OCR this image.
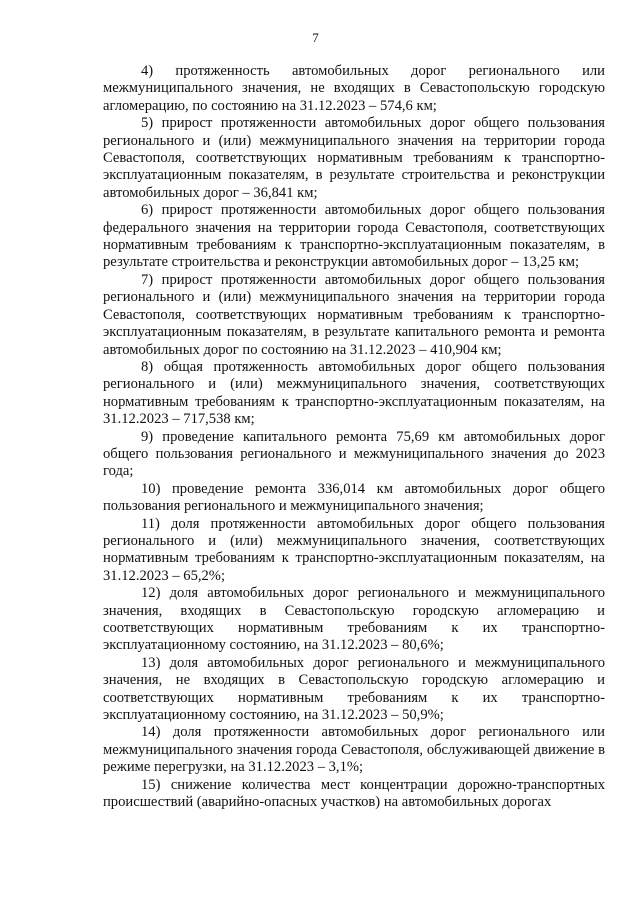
7

4) протяженность автомобильных дорог регионального или межмуниципального значения, не входящих в Севастопольскую городскую агломерацию, по состоянию на 31.12.2023 – 574,6 км;

5) прирост протяженности автомобильных дорог общего пользования регионального и (или) межмуниципального значения на территории города Севастополя, соответствующих нормативным требованиям к транспортно-эксплуатационным показателям, в результате строительства и реконструкции автомобильных дорог – 36,841 км;

6) прирост протяженности автомобильных дорог общего пользования федерального значения на территории города Севастополя, соответствующих нормативным требованиям к транспортно-эксплуатационным показателям, в результате строительства и реконструкции автомобильных дорог – 13,25 км;

7) прирост протяженности автомобильных дорог общего пользования регионального и (или) межмуниципального значения на территории города Севастополя, соответствующих нормативным требованиям к транспортно-эксплуатационным показателям, в результате капитального ремонта и ремонта автомобильных дорог по состоянию на 31.12.2023 – 410,904 км;

8) общая протяженность автомобильных дорог общего пользования регионального и (или) межмуниципального значения, соответствующих нормативным требованиям к транспортно-эксплуатационным показателям, на 31.12.2023 – 717,538 км;

9) проведение капитального ремонта 75,69 км автомобильных дорог общего пользования регионального и межмуниципального значения до 2023 года;

10) проведение ремонта 336,014 км автомобильных дорог общего пользования регионального и межмуниципального значения;

11) доля протяженности автомобильных дорог общего пользования регионального и (или) межмуниципального значения, соответствующих нормативным требованиям к транспортно-эксплуатационным показателям, на 31.12.2023 – 65,2%;

12) доля автомобильных дорог регионального и межмуниципального значения, входящих в Севастопольскую городскую агломерацию и соответствующих нормативным требованиям к их транспортно-эксплуатационному состоянию, на 31.12.2023 – 80,6%;

13) доля автомобильных дорог регионального и межмуниципального значения, не входящих в Севастопольскую городскую агломерацию и соответствующих нормативным требованиям к их транспортно-эксплуатационному состоянию, на 31.12.2023 – 50,9%;

14) доля протяженности автомобильных дорог регионального или межмуниципального значения города Севастополя, обслуживающей движение в режиме перегрузки, на 31.12.2023 – 3,1%;

15) снижение количества мест концентрации дорожно-транспортных происшествий (аварийно-опасных участков) на автомобильных дорогах
